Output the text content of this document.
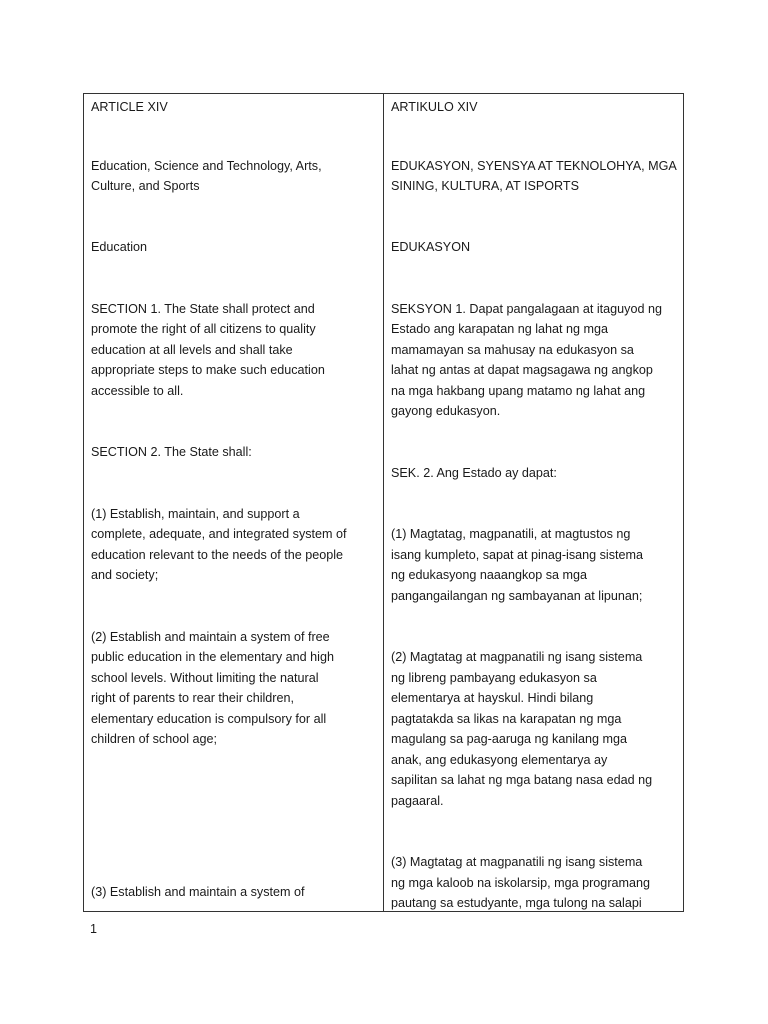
ARTICLE XIV

Education, Science and Technology, Arts,

Culture, and Sports

Education

SECTION 1. The State shall protect and

promote the right of all citizens to quality

education at all levels and shall take

appropriate steps to make such education

accessible to all.

SECTION 2. The State shall:

(1) Establish, maintain, and support a

complete, adequate, and integrated system of

education relevant to the needs of the people

and society;

(2) Establish and maintain a system of free

public education in the elementary and high

school levels. Without limiting the natural

right of parents to rear their children,

elementary education is compulsory for all

children of school age;

(3) Establish and maintain a system of

ARTIKULO XIV

EDUKASYON, SYENSYA AT TEKNOLOHYA, MGA

SINING, KULTURA, AT ISPORTS

EDUKASYON

SEKSYON 1. Dapat pangalagaan at itaguyod ng

Estado ang karapatan ng lahat ng mga

mamamayan sa mahusay na edukasyon sa

lahat ng antas at dapat magsagawa ng angkop

na mga hakbang upang matamo ng lahat ang

gayong edukasyon.

SEK. 2. Ang Estado ay dapat:

(1) Magtatag, magpanatili, at magtustos ng

isang kumpleto, sapat at pinag-isang sistema

ng edukasyong naaangkop sa mga

pangangailangan ng sambayanan at lipunan;

(2) Magtatag at magpanatili ng isang sistema

ng libreng pambayang edukasyon sa

elementarya at hayskul. Hindi bilang

pagtatakda sa likas na karapatan ng mga

magulang sa pag-aaruga ng kanilang mga

anak, ang edukasyong elementarya ay

sapilitan sa lahat ng mga batang nasa edad ng

pagaaral.

(3) Magtatag at magpanatili ng isang sistema

ng mga kaloob na iskolarsip, mga programang

pautang sa estudyante, mga tulong na salapi

1
